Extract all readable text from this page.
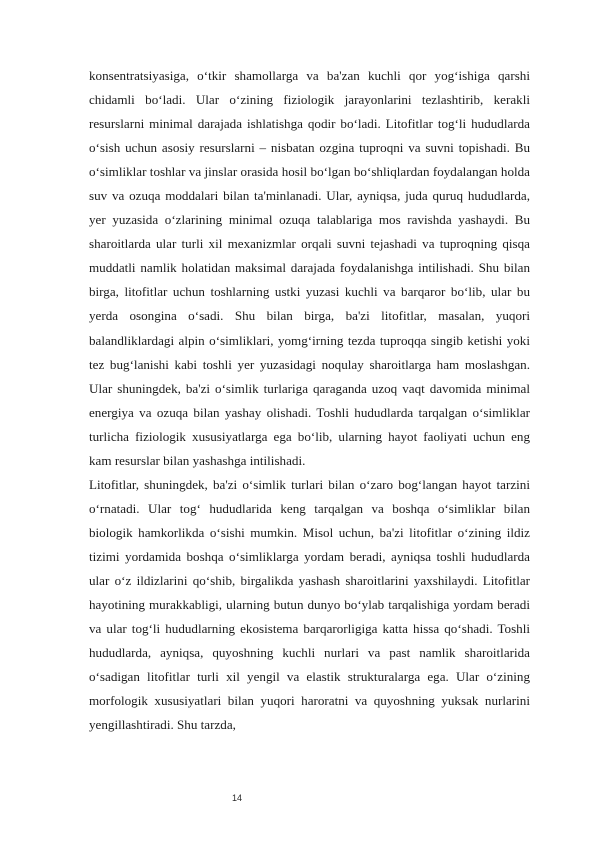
konsentratsiyasiga, o‘tkir shamollarga va ba'zan kuchli qor yog‘ishiga qarshi chidamli bo‘ladi. Ular o‘zining fiziologik jarayonlarini tezlashtirib, kerakli resurslarni minimal darajada ishlatishga qodir bo‘ladi. Litofitlar tog‘li hududlarda o‘sish uchun asosiy resurslarni – nisbatan ozgina tuproqni va suvni topishadi. Bu o‘simliklar toshlar va jinslar orasida hosil bo‘lgan bo‘shliqlardan foydalangan holda suv va ozuqa moddalari bilan ta'minlanadi. Ular, ayniqsa, juda quruq hududlarda, yer yuzasida o‘zlarining minimal ozuqa talablariga mos ravishda yashaydi. Bu sharoitlarda ular turli xil mexanizmlar orqali suvni tejashadi va tuproqning qisqa muddatli namlik holatidan maksimal darajada foydalanishga intilishadi. Shu bilan birga, litofitlar uchun toshlarning ustki yuzasi kuchli va barqaror bo‘lib, ular bu yerda osongina o‘sadi. Shu bilan birga, ba'zi litofitlar, masalan, yuqori balandliklardagi alpin o‘simliklari, yomg‘irning tezda tuproqqa singib ketishi yoki tez bug‘lanishi kabi toshli yer yuzasidagi noqulay sharoitlarga ham moslashgan. Ular shuningdek, ba'zi o‘simlik turlariga qaraganda uzoq vaqt davomida minimal energiya va ozuqa bilan yashay olishadi. Toshli hududlarda tarqalgan o‘simliklar turlicha fiziologik xususiyatlarga ega bo‘lib, ularning hayot faoliyati uchun eng kam resurslar bilan yashashga intilishadi.

Litofitlar, shuningdek, ba'zi o‘simlik turlari bilan o‘zaro bog‘langan hayot tarzini o‘rnatadi. Ular tog‘ hududlarida keng tarqalgan va boshqa o‘simliklar bilan biologik hamkorlikda o‘sishi mumkin. Misol uchun, ba'zi litofitlar o‘zining ildiz tizimi yordamida boshqa o‘simliklarga yordam beradi, ayniqsa toshli hududlarda ular o‘z ildizlarini qo‘shib, birgalikda yashash sharoitlarini yaxshilaydi. Litofitlar hayotining murakkabligi, ularning butun dunyo bo‘ylab tarqalishiga yordam beradi va ular tog‘li hududlarning ekosistema barqarorligiga katta hissa qo‘shadi. Toshli hududlarda, ayniqsa, quyoshning kuchli nurlari va past namlik sharoitlarida o‘sadigan litofitlar turli xil yengil va elastik strukturalarga ega. Ular o‘zining morfologik xususiyatlari bilan yuqori haroratni va quyoshning yuksak nurlarini yengillashtiradi. Shu tarzda,

14
